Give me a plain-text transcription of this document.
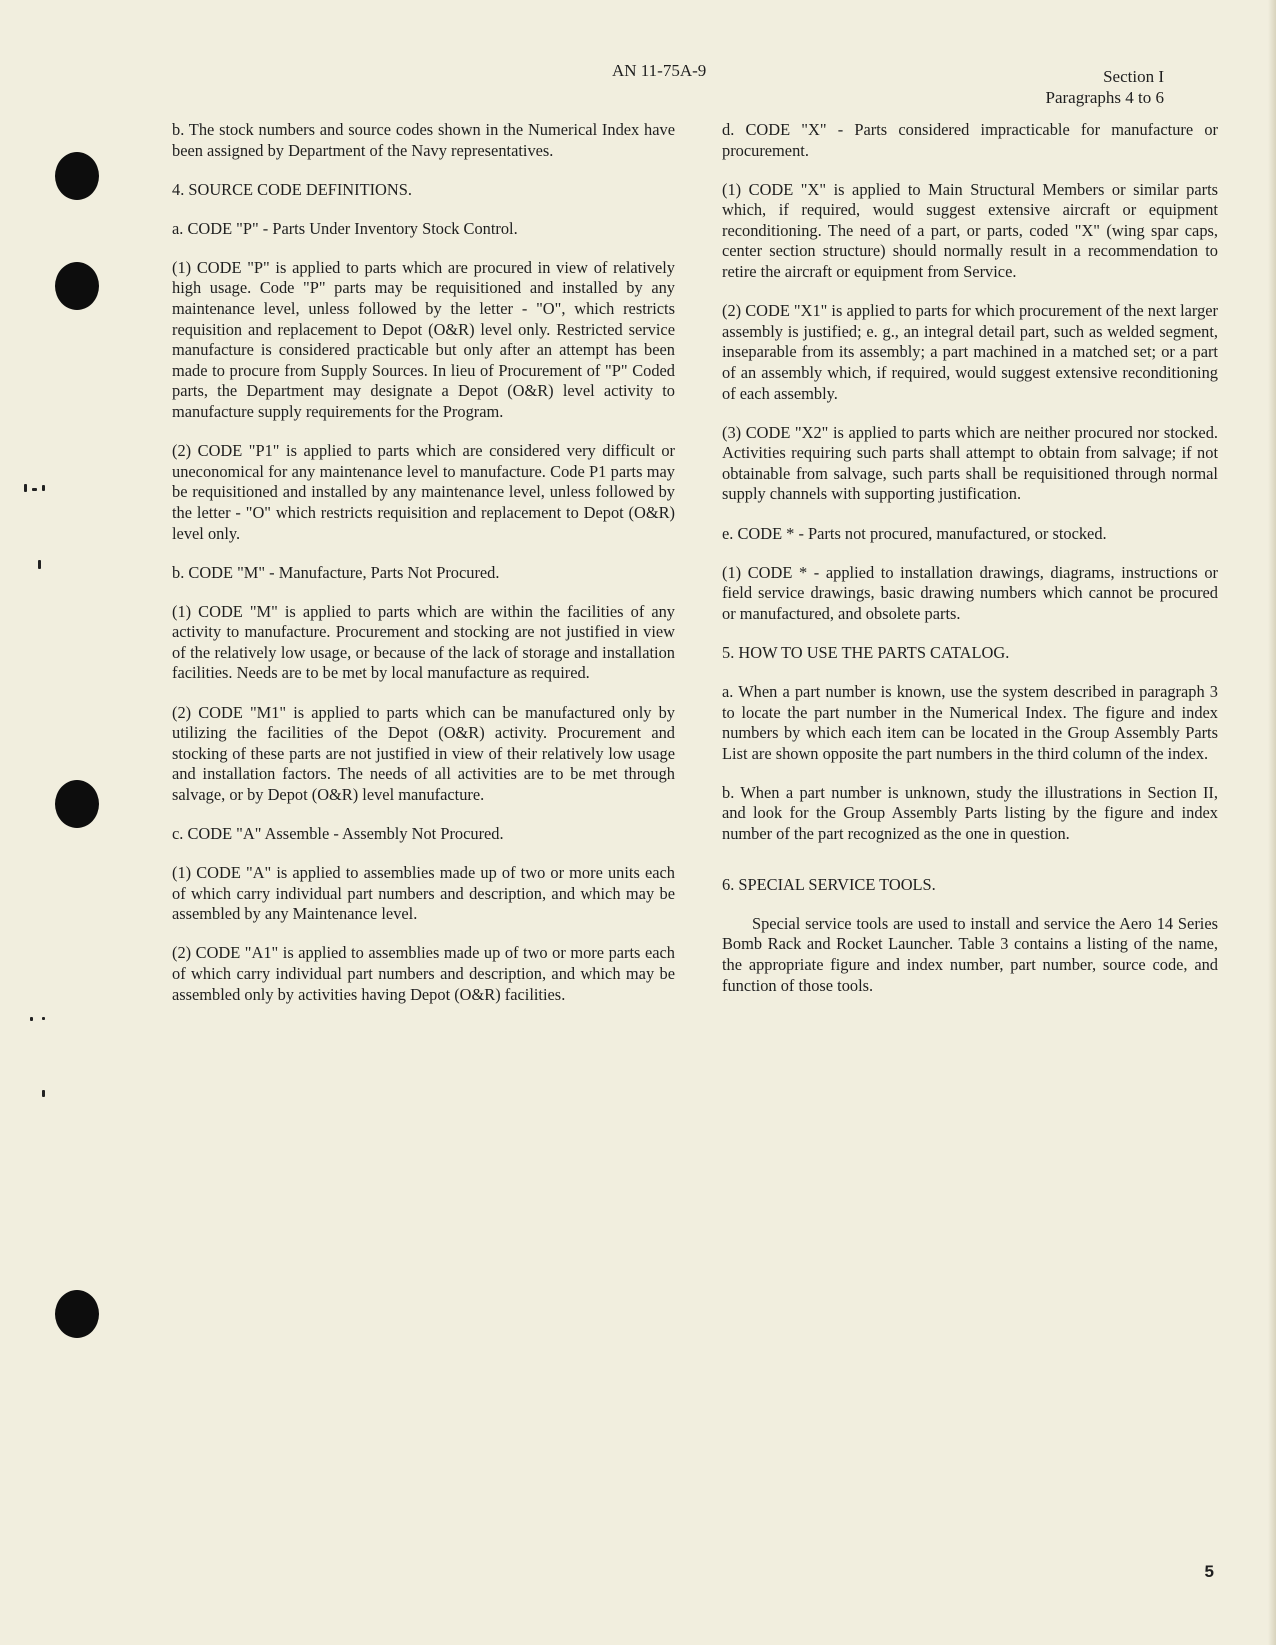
AN 11-75A-9	Section I
Paragraphs 4 to 6

b. The stock numbers and source codes shown in the Numerical Index have been assigned by Department of the Navy representatives.

4. SOURCE CODE DEFINITIONS.

a. CODE "P" - Parts Under Inventory Stock Control.

(1) CODE "P" is applied to parts which are procured in view of relatively high usage. Code "P" parts may be requisitioned and installed by any maintenance level, unless followed by the letter - "O", which restricts requisition and replacement to Depot (O&R) level only. Restricted service manufacture is considered practicable but only after an attempt has been made to procure from Supply Sources. In lieu of Procurement of "P" Coded parts, the Department may designate a Depot (O&R) level activity to manufacture supply requirements for the Program.

(2) CODE "P1" is applied to parts which are considered very difficult or uneconomical for any maintenance level to manufacture. Code P1 parts may be requisitioned and installed by any maintenance level, unless followed by the letter - "O" which restricts requisition and replacement to Depot (O&R) level only.

b. CODE "M" - Manufacture, Parts Not Procured.

(1) CODE "M" is applied to parts which are within the facilities of any activity to manufacture. Procurement and stocking are not justified in view of the relatively low usage, or because of the lack of storage and installation facilities. Needs are to be met by local manufacture as required.

(2) CODE "M1" is applied to parts which can be manufactured only by utilizing the facilities of the Depot (O&R) activity. Procurement and stocking of these parts are not justified in view of their relatively low usage and installation factors. The needs of all activities are to be met through salvage, or by Depot (O&R) level manufacture.

c. CODE "A" Assemble - Assembly Not Procured.

(1) CODE "A" is applied to assemblies made up of two or more units each of which carry individual part numbers and description, and which may be assembled by any Maintenance level.

(2) CODE "A1" is applied to assemblies made up of two or more parts each of which carry individual part numbers and description, and which may be assembled only by activities having Depot (O&R) facilities.

d. CODE "X" - Parts considered impracticable for manufacture or procurement.

(1) CODE "X" is applied to Main Structural Members or similar parts which, if required, would suggest extensive aircraft or equipment reconditioning. The need of a part, or parts, coded "X" (wing spar caps, center section structure) should normally result in a recommendation to retire the aircraft or equipment from Service.

(2) CODE "X1" is applied to parts for which procurement of the next larger assembly is justified; e. g., an integral detail part, such as welded segment, inseparable from its assembly; a part machined in a matched set; or a part of an assembly which, if required, would suggest extensive reconditioning of each assembly.

(3) CODE "X2" is applied to parts which are neither procured nor stocked. Activities requiring such parts shall attempt to obtain from salvage; if not obtainable from salvage, such parts shall be requisitioned through normal supply channels with supporting justification.

e. CODE * - Parts not procured, manufactured, or stocked.

(1) CODE * - applied to installation drawings, diagrams, instructions or field service drawings, basic drawing numbers which cannot be procured or manufactured, and obsolete parts.

5. HOW TO USE THE PARTS CATALOG.

a. When a part number is known, use the system described in paragraph 3 to locate the part number in the Numerical Index. The figure and index numbers by which each item can be located in the Group Assembly Parts List are shown opposite the part numbers in the third column of the index.

b. When a part number is unknown, study the illustrations in Section II, and look for the Group Assembly Parts listing by the figure and index number of the part recognized as the one in question.

6. SPECIAL SERVICE TOOLS.

Special service tools are used to install and service the Aero 14 Series Bomb Rack and Rocket Launcher. Table 3 contains a listing of the name, the appropriate figure and index number, part number, source code, and function of those tools.

5
